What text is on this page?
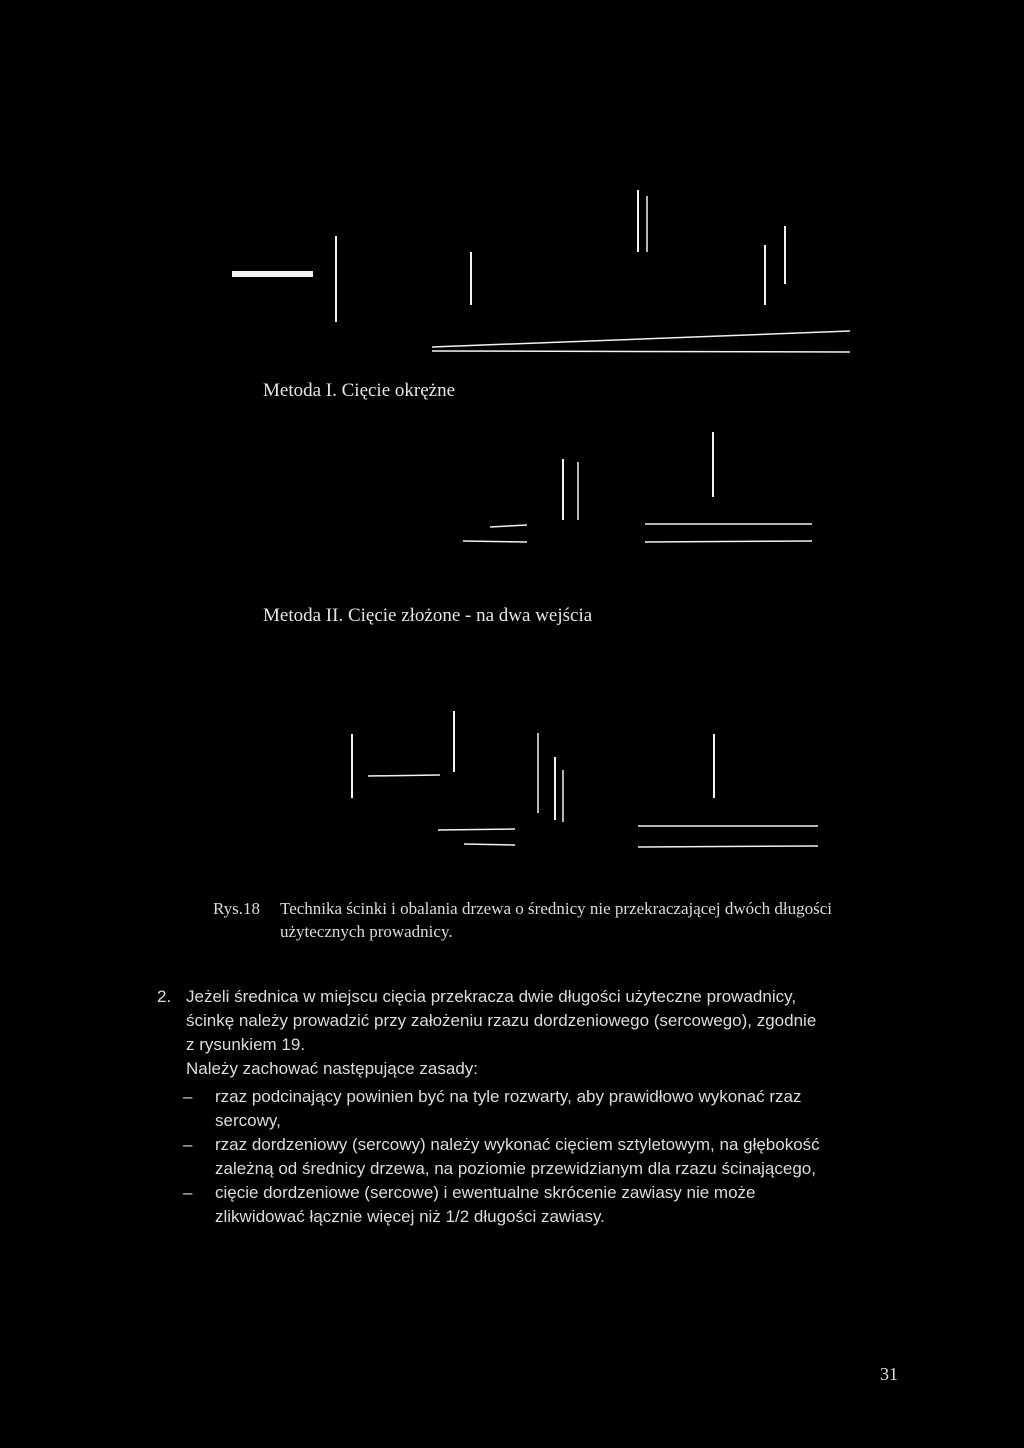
Metoda I. Cięcie okrężne
Metoda II. Cięcie złożone - na dwa wejścia
Rys.18 Technika ścinki i obalania drzewa o średnicy nie przekraczającej dwóch długości
użytecznych prowadnicy.
2. Jeżeli średnica w miejscu cięcia przekracza dwie długości użyteczne prowadnicy,
ścinkę należy prowadzić przy założeniu rzazu dordzeniowego (sercowego), zgodnie
z rysunkiem 19.
Należy zachować następujące zasady:
– rzaz podcinający powinien być na tyle rozwarty, aby prawidłowo wykonać rzaz
sercowy,
– rzaz dordzeniowy (sercowy) należy wykonać cięciem sztyletowym, na głębokość
zależną od średnicy drzewa, na poziomie przewidzianym dla rzazu ścinającego,
– cięcie dordzeniowe (sercowe) i ewentualne skrócenie zawiasy nie może
zlikwidować łącznie więcej niż 1/2 długości zawiasy.
31
